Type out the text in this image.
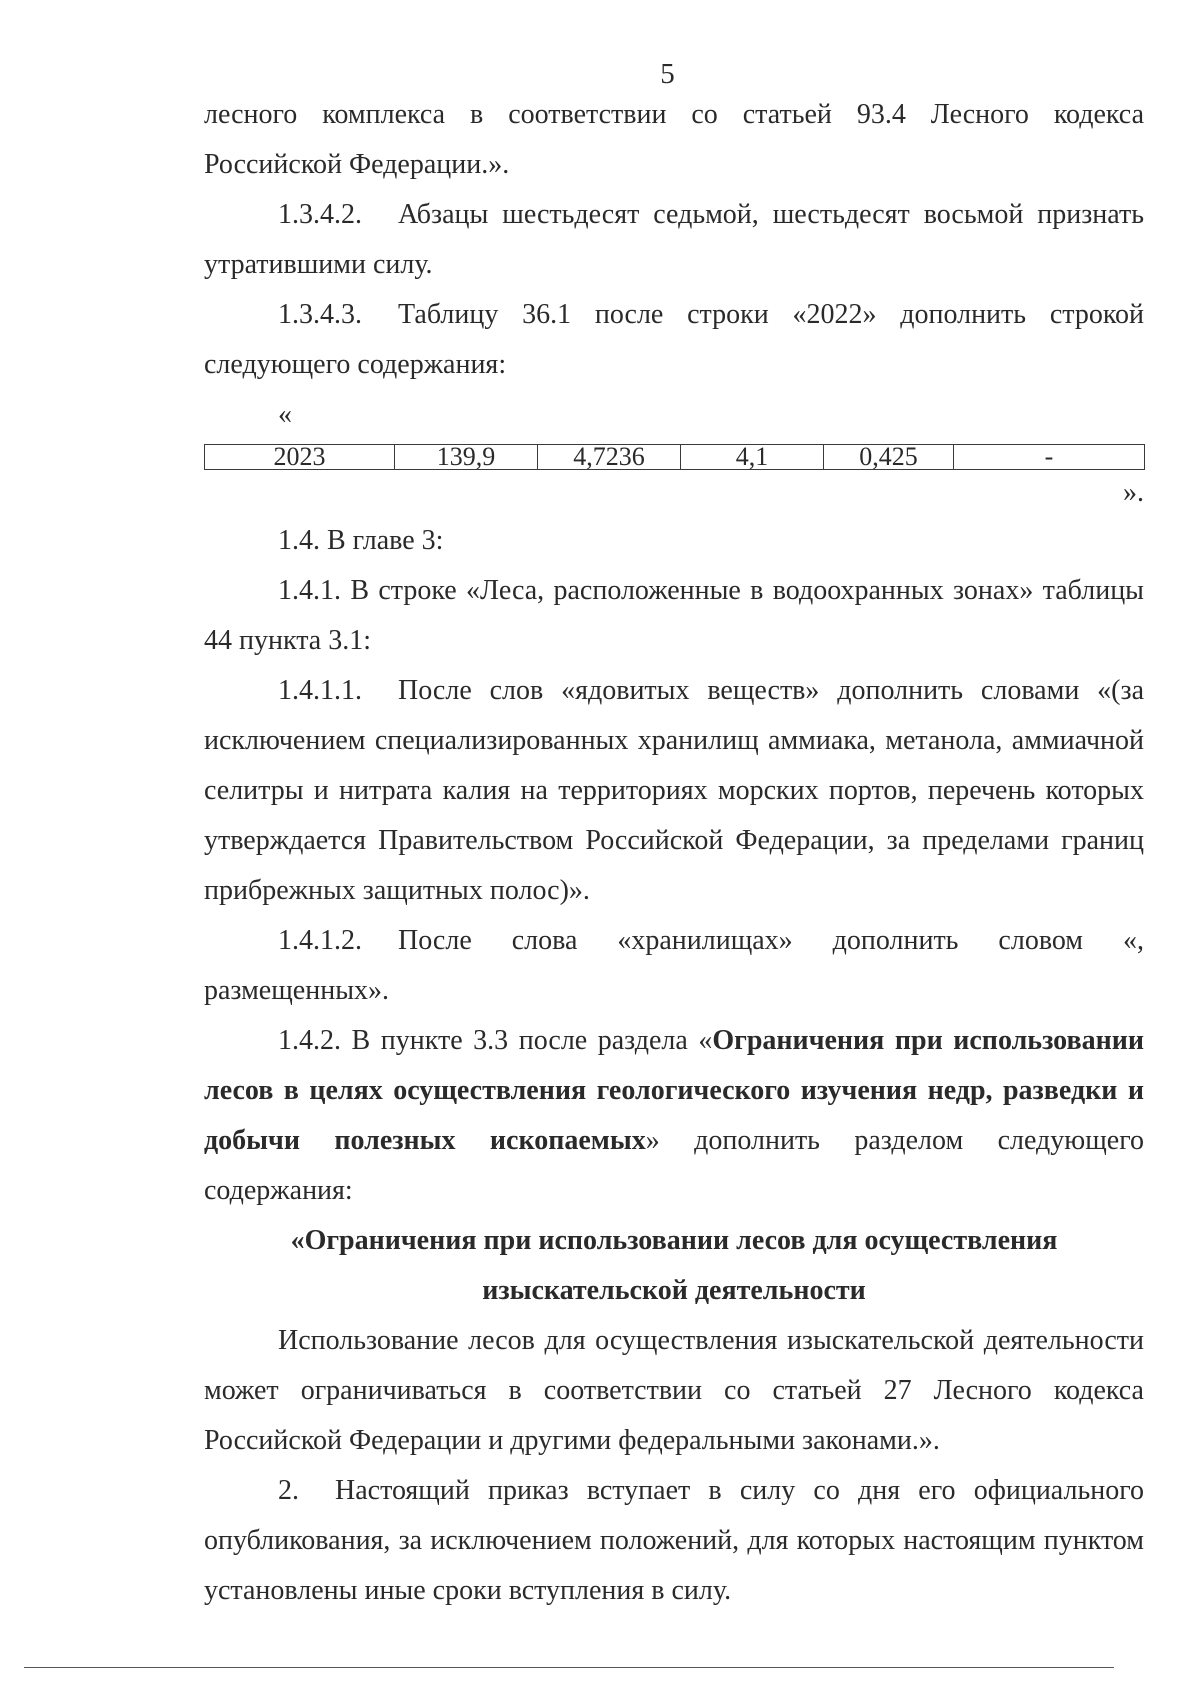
5

лесного комплекса в соответствии со статьей 93.4 Лесного кодекса Российской Федерации.».

1.3.4.2. Абзацы шестьдесят седьмой, шестьдесят восьмой признать утратившими силу.

1.3.4.3. Таблицу 36.1 после строки «2022» дополнить строкой следующего содержания:

«
2023	139,9	4,7236	4,1	0,425	-
».

1.4. В главе 3:

1.4.1. В строке «Леса, расположенные в водоохранных зонах» таблицы 44 пункта 3.1:

1.4.1.1. После слов «ядовитых веществ» дополнить словами «(за исключением специализированных хранилищ аммиака, метанола, аммиачной селитры и нитрата калия на территориях морских портов, перечень которых утверждается Правительством Российской Федерации, за пределами границ прибрежных защитных полос)».

1.4.1.2. После слова «хранилищах» дополнить словом «, размещенных».

1.4.2. В пункте 3.3 после раздела «Ограничения при использовании лесов в целях осуществления геологического изучения недр, разведки и добычи полезных ископаемых» дополнить разделом следующего содержания:

«Ограничения при использовании лесов для осуществления

изыскательской деятельности

Использование лесов для осуществления изыскательской деятельности может ограничиваться в соответствии со статьей 27 Лесного кодекса Российской Федерации и другими федеральными законами.».

2. Настоящий приказ вступает в силу со дня его официального опубликования, за исключением положений, для которых настоящим пунктом установлены иные сроки вступления в силу.
